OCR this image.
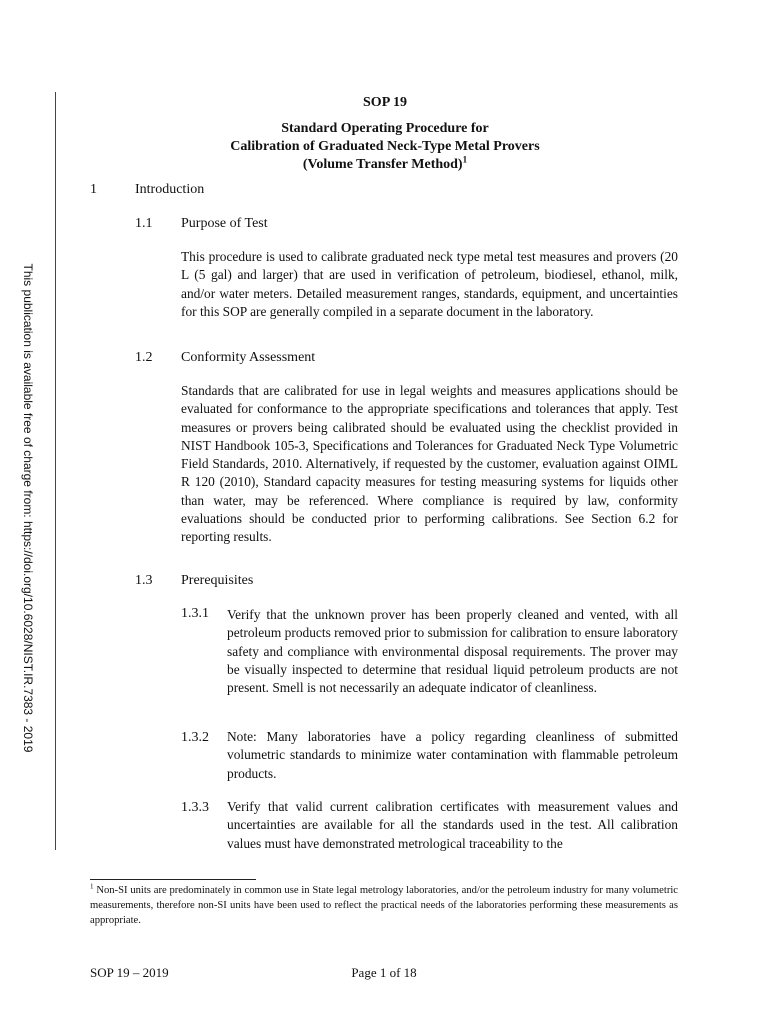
This publication is available free of charge from: https://doi.org/10.6028/NIST.IR.7383 - 2019
SOP 19
Standard Operating Procedure for
Calibration of Graduated Neck-Type Metal Provers
(Volume Transfer Method)$^1$
1	Introduction
1.1 Purpose of Test
This procedure is used to calibrate graduated neck type metal test measures and provers (20 L (5 gal) and larger) that are used in verification of petroleum, biodiesel, ethanol, milk, and/or water meters. Detailed measurement ranges, standards, equipment, and uncertainties for this SOP are generally compiled in a separate document in the laboratory.
1.2 Conformity Assessment
Standards that are calibrated for use in legal weights and measures applications should be evaluated for conformance to the appropriate specifications and tolerances that apply. Test measures or provers being calibrated should be evaluated using the checklist provided in NIST Handbook 105-3, Specifications and Tolerances for Graduated Neck Type Volumetric Field Standards, 2010. Alternatively, if requested by the customer, evaluation against OIML R 120 (2010), Standard capacity measures for testing measuring systems for liquids other than water, may be referenced. Where compliance is required by law, conformity evaluations should be conducted prior to performing calibrations. See Section 6.2 for reporting results.
1.3 Prerequisites
1.3.1 Verify that the unknown prover has been properly cleaned and vented, with all petroleum products removed prior to submission for calibration to ensure laboratory safety and compliance with environmental disposal requirements. The prover may be visually inspected to determine that residual liquid petroleum products are not present. Smell is not necessarily an adequate indicator of cleanliness.
1.3.2 Note: Many laboratories have a policy regarding cleanliness of submitted volumetric standards to minimize water contamination with flammable petroleum products.
1.3.3 Verify that valid current calibration certificates with measurement values and uncertainties are available for all the standards used in the test. All calibration values must have demonstrated metrological traceability to the
$^1$ Non-SI units are predominately in common use in State legal metrology laboratories, and/or the petroleum industry for many volumetric measurements, therefore non-SI units have been used to reflect the practical needs of the laboratories performing these measurements as appropriate.
SOP 19 – 2019	Page 1 of 18
